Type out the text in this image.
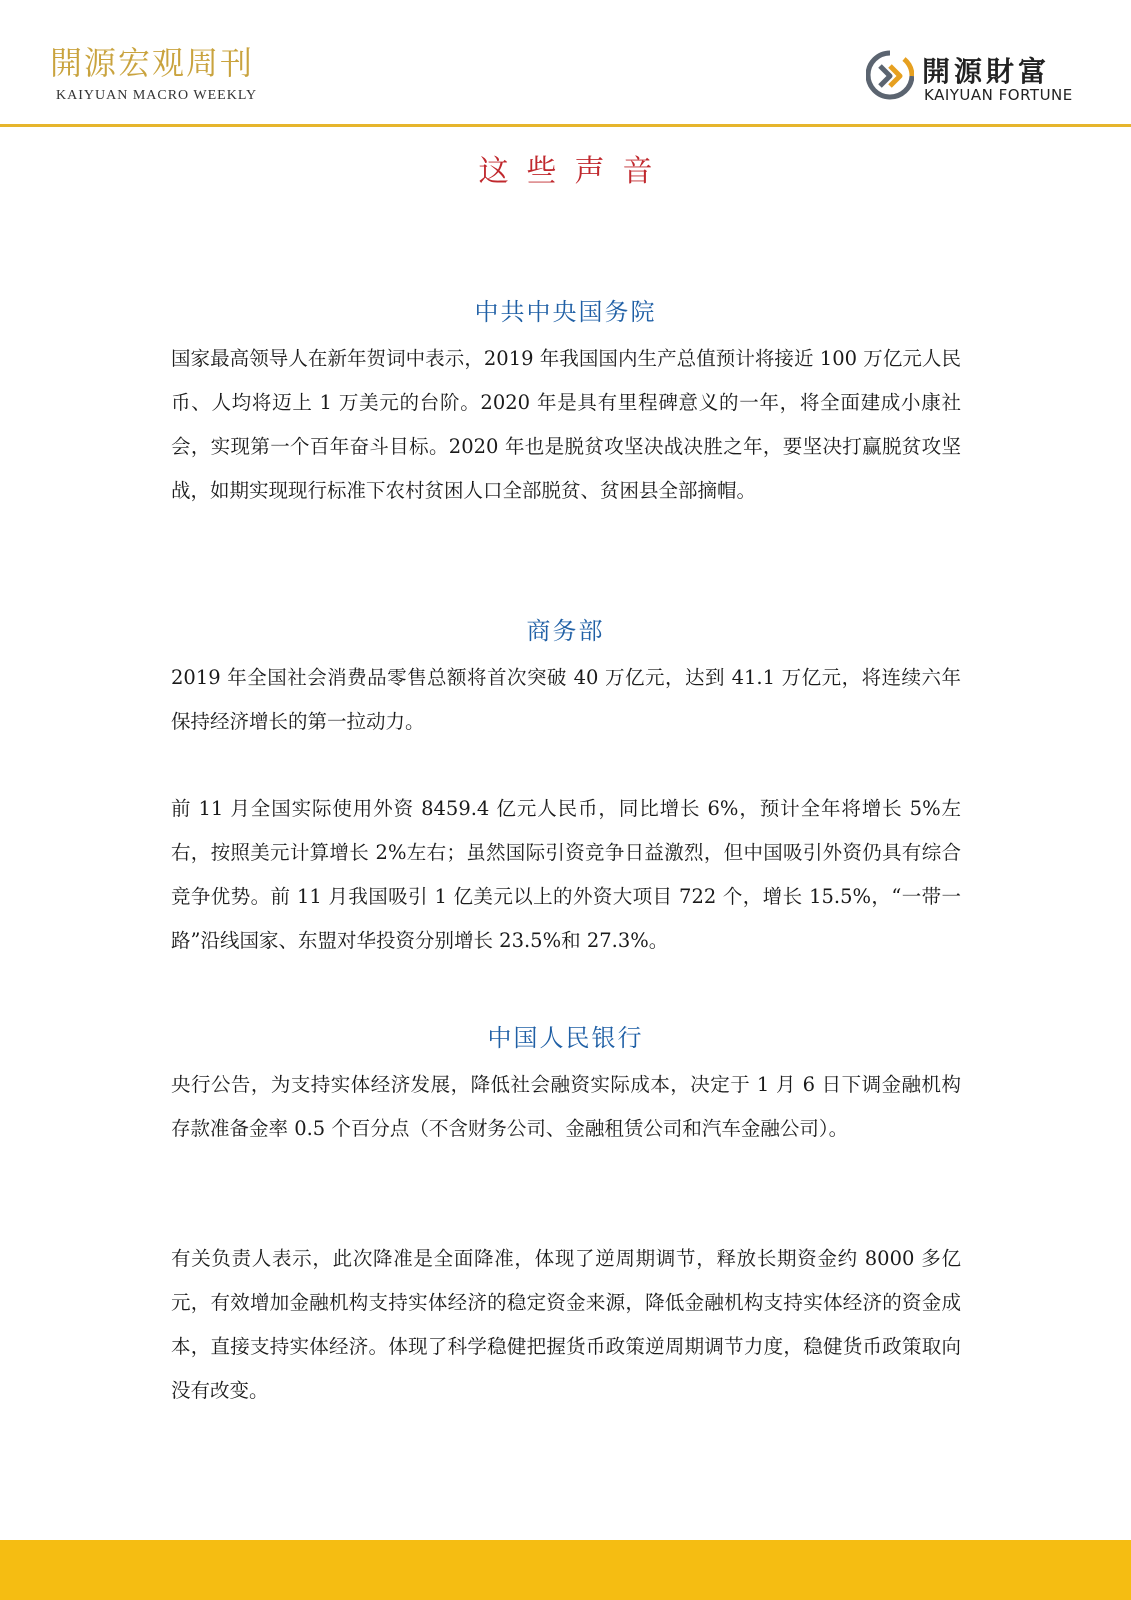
開源宏观周刊
KAIYUAN MACRO WEEKLY
開源財富
KAIYUAN FORTUNE
这些声音
中共中央国务院

国家最高领导人在新年贺词中表示，2019 年我国国内生产总值预计将接近 100 万亿元人民币、人均将迈上 1 万美元的台阶。2020 年是具有里程碑意义的一年，将全面建成小康社会，实现第一个百年奋斗目标。2020 年也是脱贫攻坚决战决胜之年，要坚决打赢脱贫攻坚战，如期实现现行标准下农村贫困人口全部脱贫、贫困县全部摘帽。

商务部

2019 年全国社会消费品零售总额将首次突破 40 万亿元，达到 41.1 万亿元，将连续六年保持经济增长的第一拉动力。

前 11 月全国实际使用外资 8459.4 亿元人民币，同比增长 6%，预计全年将增长 5%左右，按照美元计算增长 2%左右；虽然国际引资竞争日益激烈，但中国吸引外资仍具有综合竞争优势。前 11 月我国吸引 1 亿美元以上的外资大项目 722 个，增长 15.5%，“一带一路”沿线国家、东盟对华投资分别增长 23.5%和 27.3%。

中国人民银行

央行公告，为支持实体经济发展，降低社会融资实际成本，决定于 1 月 6 日下调金融机构存款准备金率 0.5 个百分点（不含财务公司、金融租赁公司和汽车金融公司）。

有关负责人表示，此次降准是全面降准，体现了逆周期调节，释放长期资金约 8000 多亿元，有效增加金融机构支持实体经济的稳定资金来源，降低金融机构支持实体经济的资金成本，直接支持实体经济。体现了科学稳健把握货币政策逆周期调节力度，稳健货币政策取向没有改变。
